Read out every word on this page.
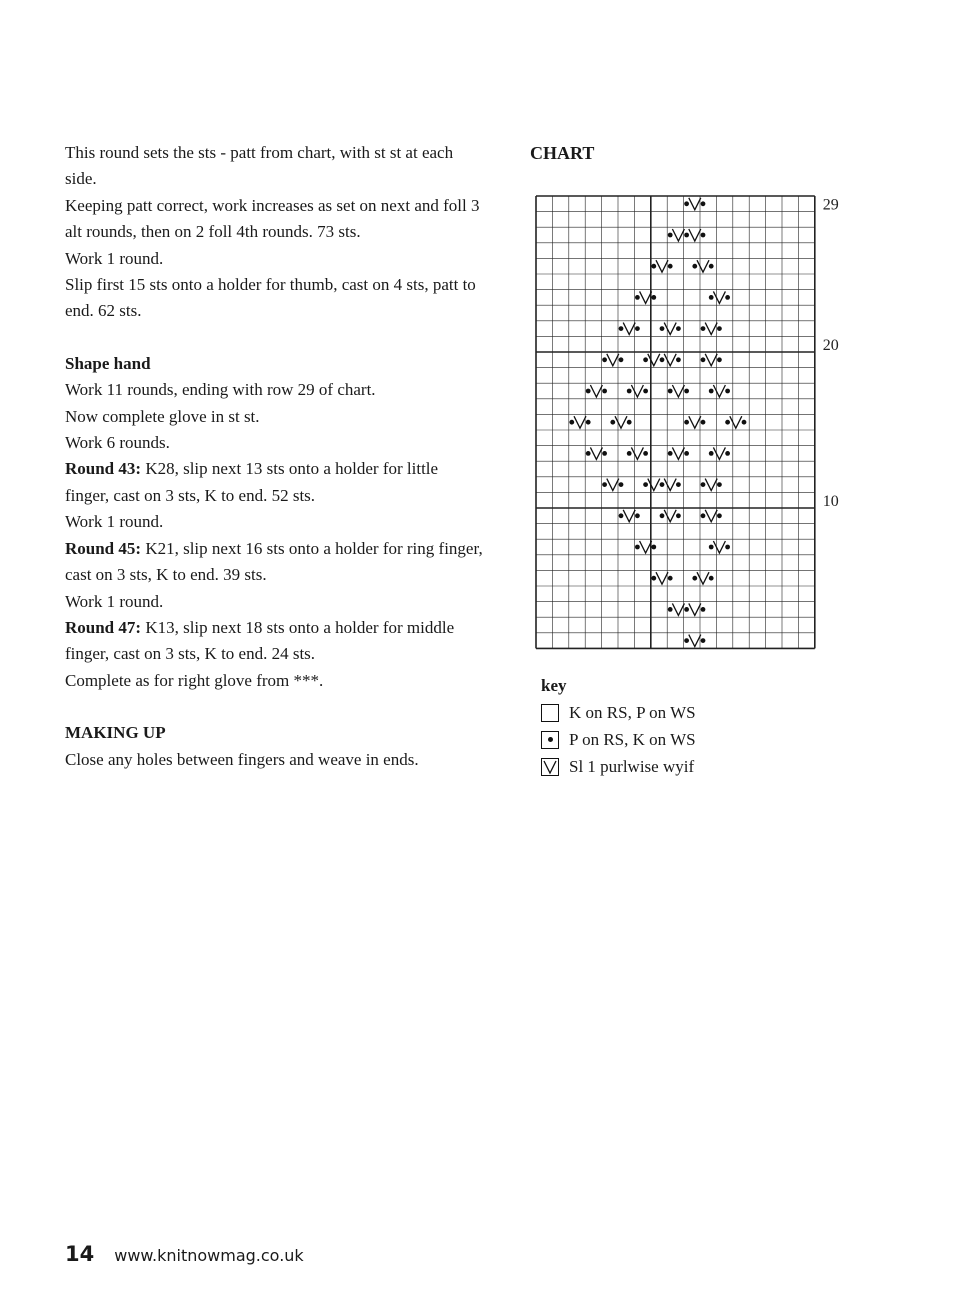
This round sets the sts - patt from chart, with st st at each side.

Keeping patt correct, work increases as set on next and foll 3 alt rounds, then on 2 foll 4th rounds. 73 sts.

Work 1 round.

Slip first 15 sts onto a holder for thumb, cast on 4 sts, patt to end. 62 sts.

Shape hand

Work 11 rounds, ending with row 29 of chart.

Now complete glove in st st.

Work 6 rounds.

Round 43: K28, slip next 13 sts onto a holder for little finger, cast on 3 sts, K to end. 52 sts.

Work 1 round.

Round 45: K21, slip next 16 sts onto a holder for ring finger, cast on 3 sts, K to end. 39 sts.

Work 1 round.

Round 47: K13, slip next 18 sts onto a holder for middle finger, cast on 3 sts, K to end. 24 sts.

Complete as for right glove from ***.

MAKING UP

Close any holes between fingers and weave in ends.

CHART
29
20
10
key
K on RS, P on WS
P on RS, K on WS
Sl 1 purlwise wyif
14 www.knitnowmag.co.uk
